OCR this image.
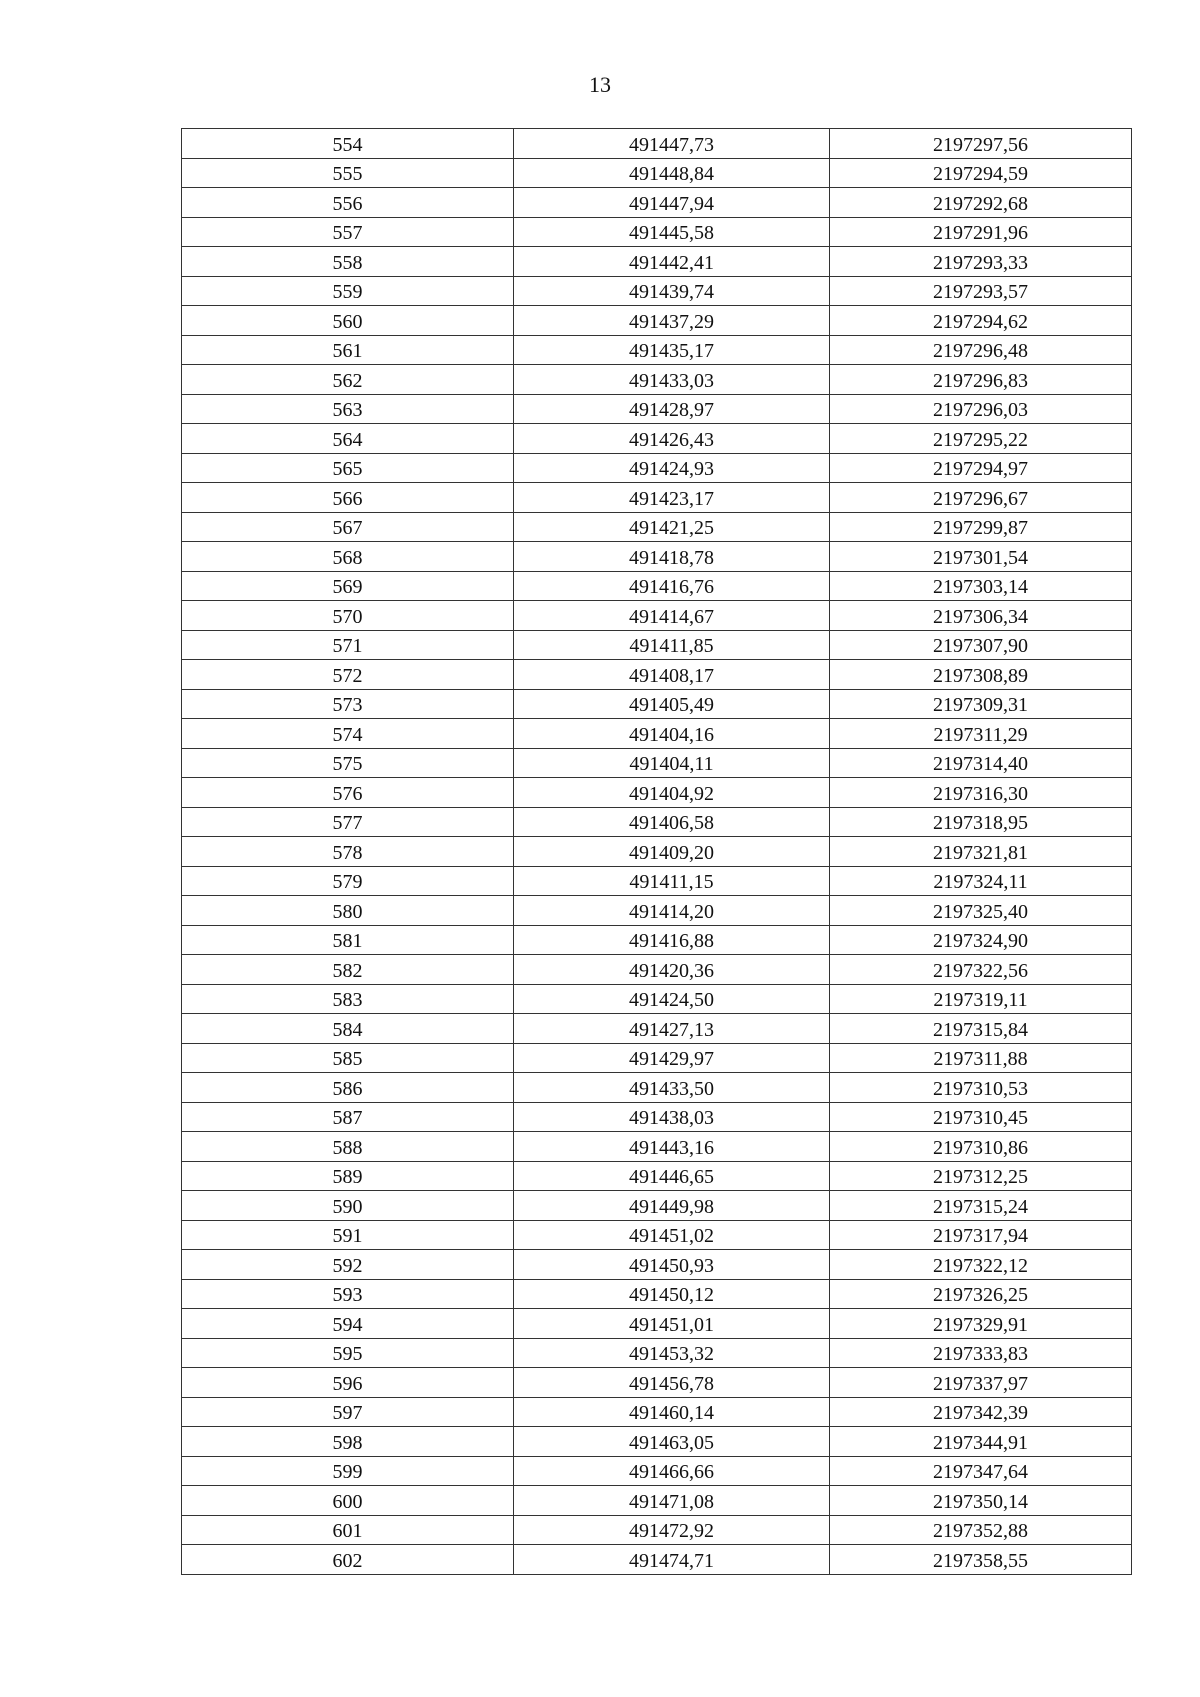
13
554	491447,73	2197297,56
555	491448,84	2197294,59
556	491447,94	2197292,68
557	491445,58	2197291,96
558	491442,41	2197293,33
559	491439,74	2197293,57
560	491437,29	2197294,62
561	491435,17	2197296,48
562	491433,03	2197296,83
563	491428,97	2197296,03
564	491426,43	2197295,22
565	491424,93	2197294,97
566	491423,17	2197296,67
567	491421,25	2197299,87
568	491418,78	2197301,54
569	491416,76	2197303,14
570	491414,67	2197306,34
571	491411,85	2197307,90
572	491408,17	2197308,89
573	491405,49	2197309,31
574	491404,16	2197311,29
575	491404,11	2197314,40
576	491404,92	2197316,30
577	491406,58	2197318,95
578	491409,20	2197321,81
579	491411,15	2197324,11
580	491414,20	2197325,40
581	491416,88	2197324,90
582	491420,36	2197322,56
583	491424,50	2197319,11
584	491427,13	2197315,84
585	491429,97	2197311,88
586	491433,50	2197310,53
587	491438,03	2197310,45
588	491443,16	2197310,86
589	491446,65	2197312,25
590	491449,98	2197315,24
591	491451,02	2197317,94
592	491450,93	2197322,12
593	491450,12	2197326,25
594	491451,01	2197329,91
595	491453,32	2197333,83
596	491456,78	2197337,97
597	491460,14	2197342,39
598	491463,05	2197344,91
599	491466,66	2197347,64
600	491471,08	2197350,14
601	491472,92	2197352,88
602	491474,71	2197358,55
